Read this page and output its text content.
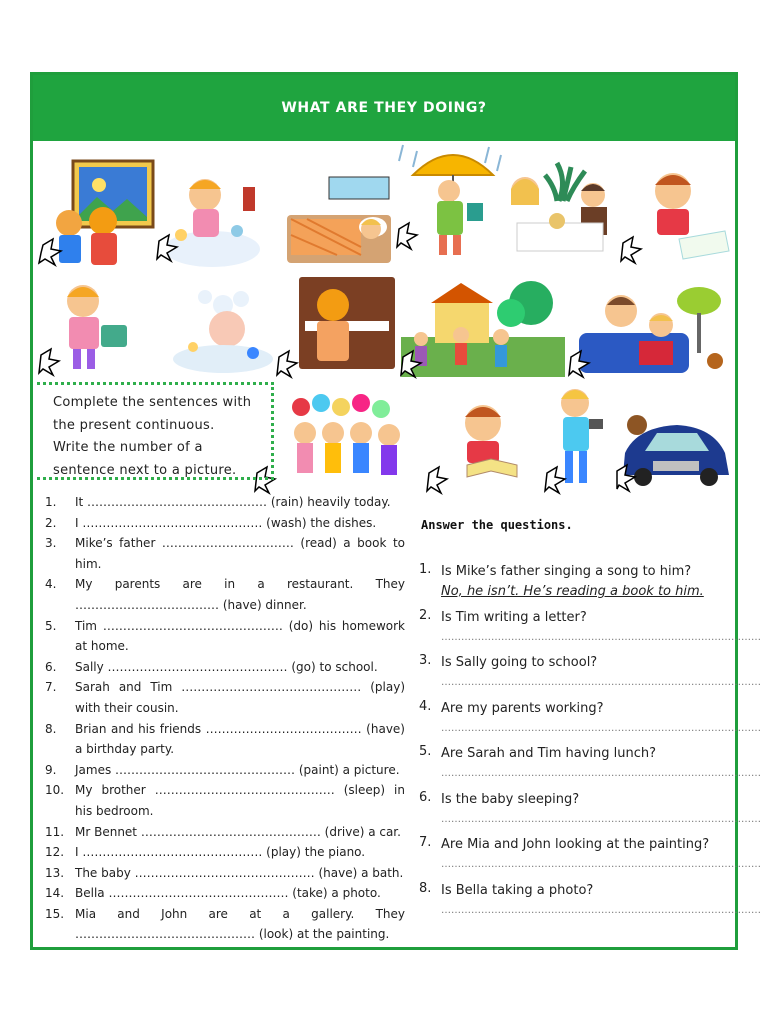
WHAT ARE THEY DOING?
Complete the sentences with
the present continuous.
Write the number of a
sentence next to a picture.
1. It ……………………………………… (rain) heavily today.
2. I ……………………………………… (wash) the dishes.
3. Mike’s father …………………………… (read) a book to him.
4. My parents are in a restaurant. They ……………………………… (have) dinner.
5. Tim ……………………………………… (do) his homework at home.
6. Sally ……………………………………… (go) to school.
7. Sarah and Tim ……………………………………… (play) with their cousin.
8. Brian and his friends ………………………………… (have) a birthday party.
9. James ……………………………………… (paint) a picture.
10. My brother ……………………………………… (sleep) in his bedroom.
11. Mr Bennet ……………………………………… (drive) a car.
12. I ……………………………………… (play) the piano.
13. The baby ……………………………………… (have) a bath.
14. Bella ……………………………………… (take) a photo.
15. Mia and John are at a gallery. They ……………………………………… (look) at the painting.
Answer the questions.
1. Is Mike’s father singing a song to him?
No, he isn’t. He’s reading a book to him.
2. Is Tim writing a letter?
……………………………………………………………………………………
3. Is Sally going to school?
……………………………………………………………………………………
4. Are my parents working?
……………………………………………………………………………………
5. Are Sarah and Tim having lunch?
……………………………………………………………………………………
6. Is the baby sleeping?
……………………………………………………………………………………
7. Are Mia and John looking at the painting?
……………………………………………………………………………………
8. Is Bella taking a photo?
……………………………………………………………………………………
